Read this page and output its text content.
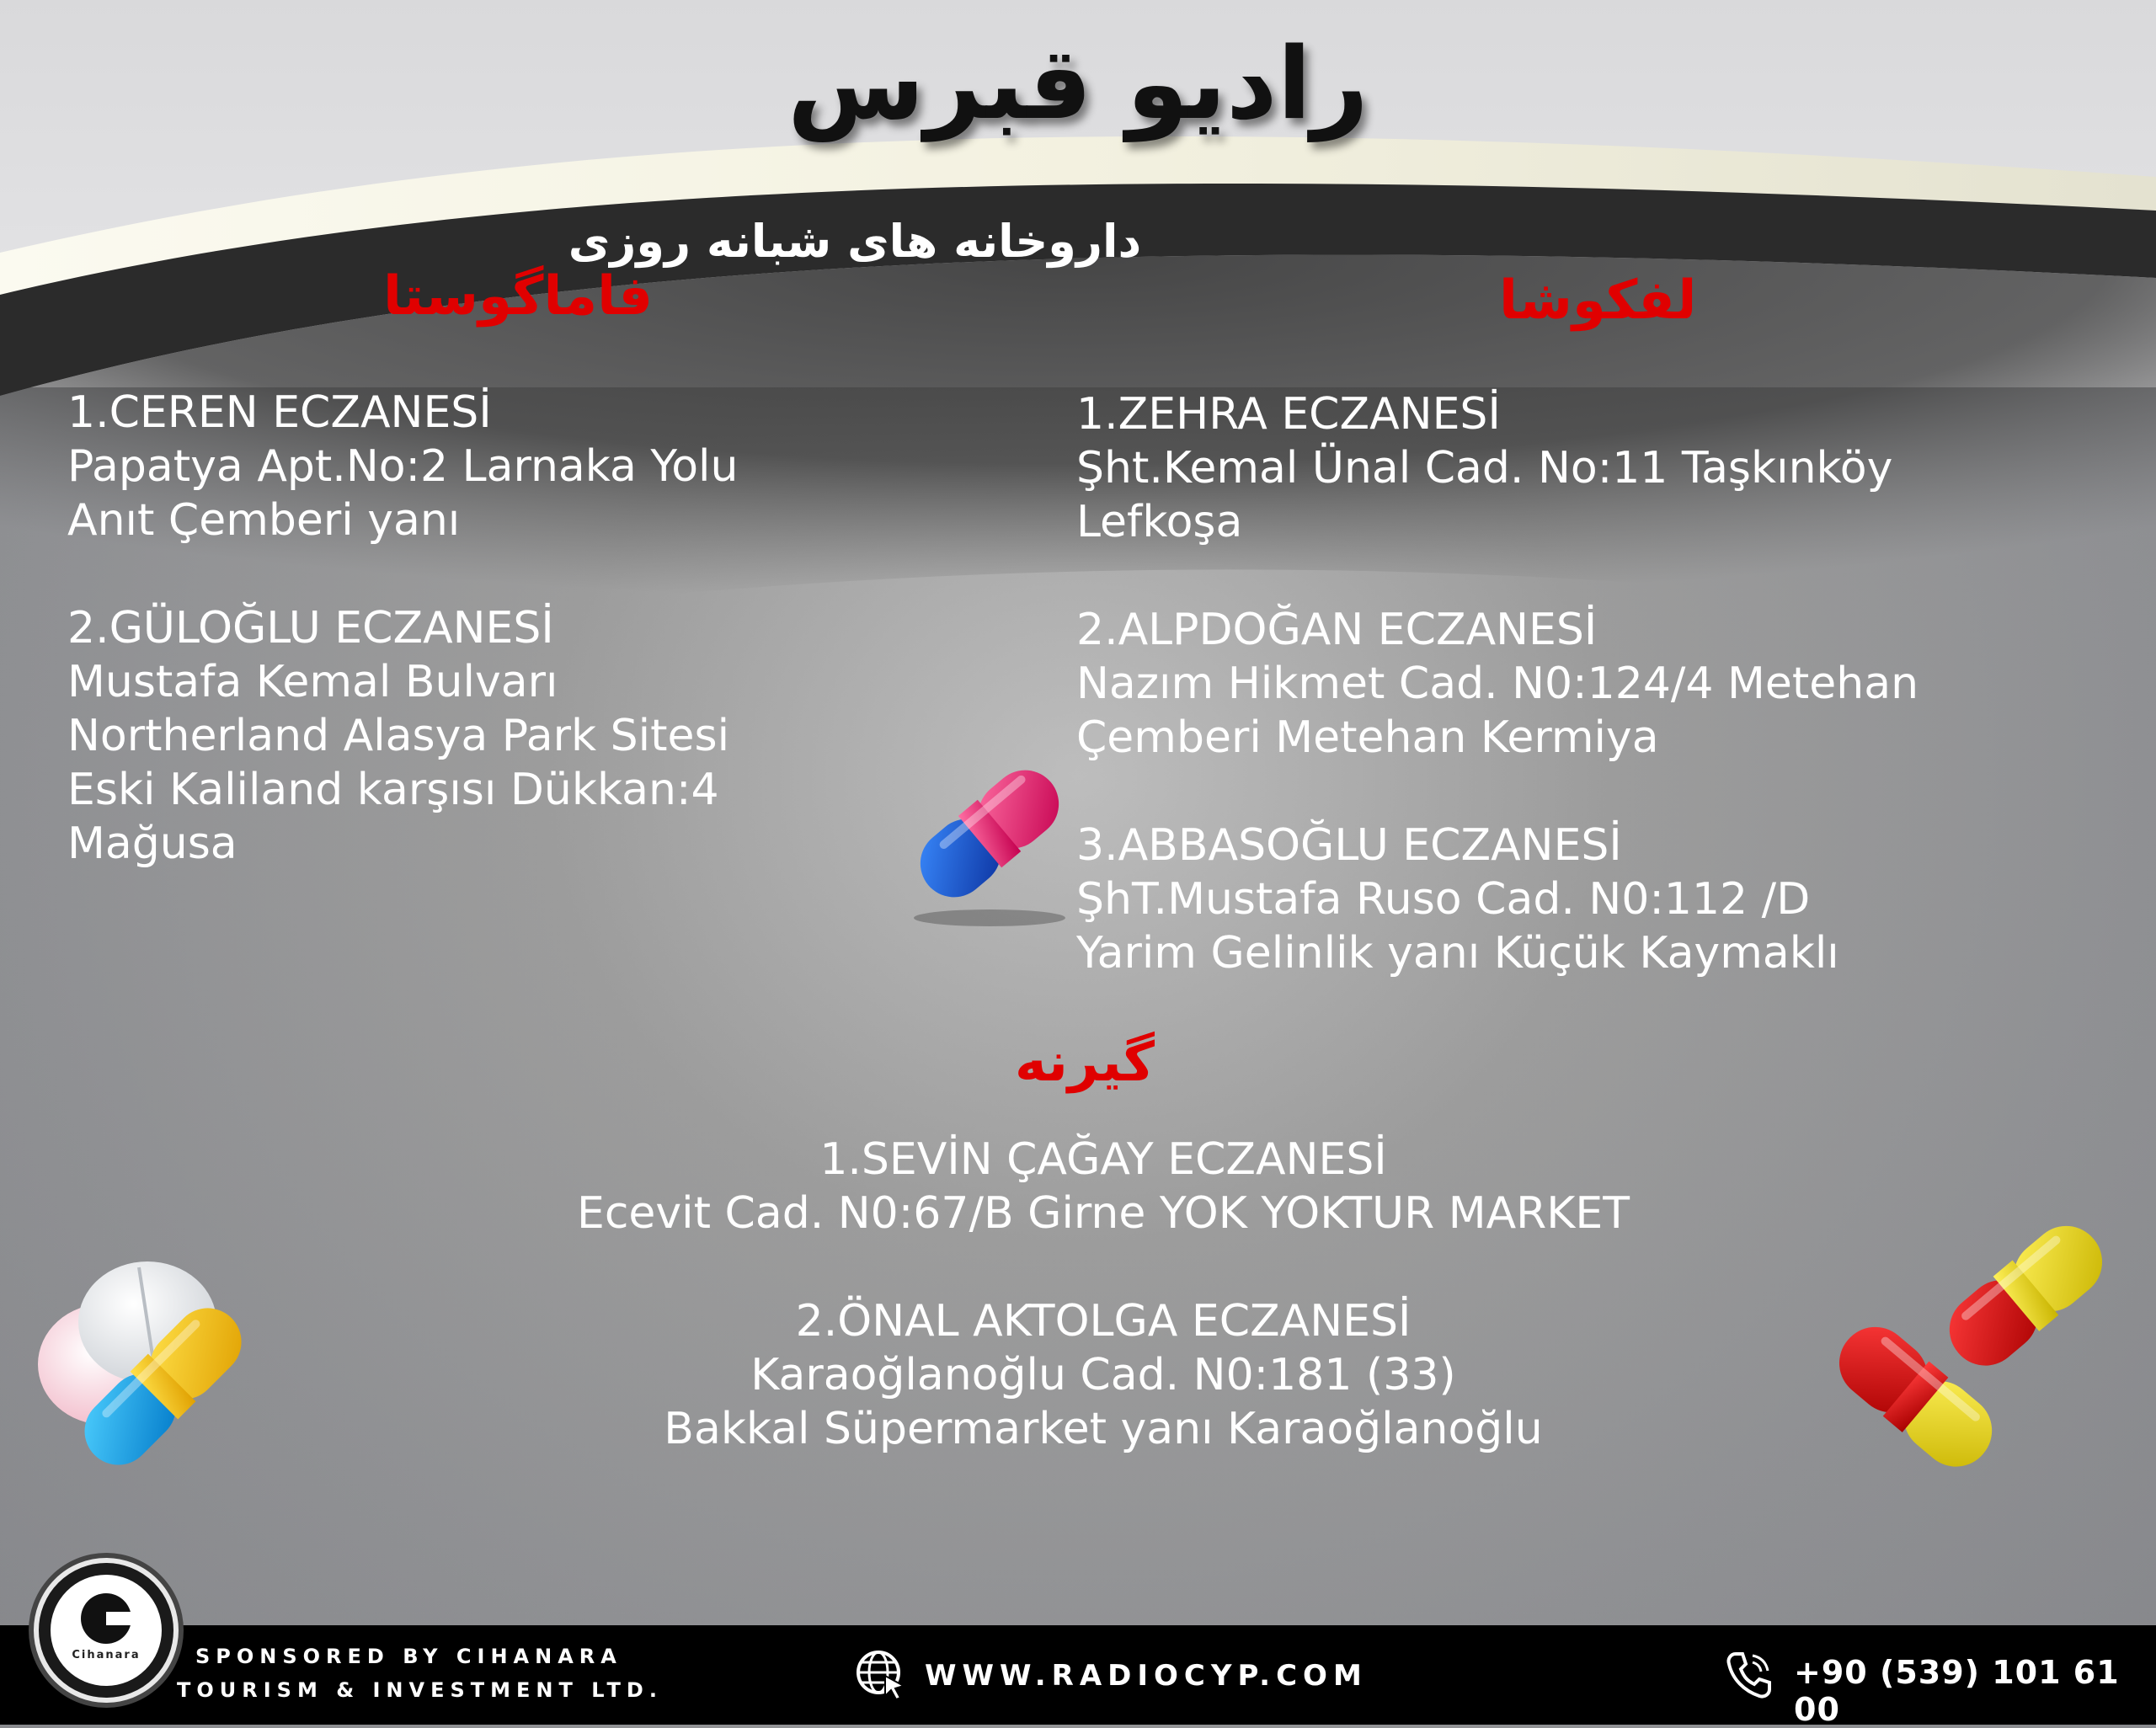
رادیو قبرس
داروخانه های شبانه روزی
فاماگوستا	لفکوشا
گیرنه
1.CEREN ECZANESİ
Papatya Apt.No:2 Larnaka Yolu
Anıt Çemberi yanı
2.GÜLOĞLU ECZANESİ
Mustafa Kemal Bulvarı
Northerland Alasya Park Sitesi
Eski Kaliland karşısı Dükkan:4
Mağusa
1.ZEHRA ECZANESİ
Şht.Kemal Ünal Cad. No:11 Taşkınköy
Lefkoşa
2.ALPDOĞAN ECZANESİ
Nazım Hikmet Cad. N0:124/4 Metehan
Çemberi Metehan Kermiya
3.ABBASOĞLU ECZANESİ
ŞhT.Mustafa Ruso Cad. N0:112 /D
Yarim Gelinlik yanı Küçük Kaymaklı
1.SEVİN ÇAĞAY ECZANESİ
Ecevit Cad. N0:67/B Girne YOK YOKTUR MARKET
2.ÖNAL AKTOLGA ECZANESİ
Karaoğlanoğlu Cad. N0:181 (33)
Bakkal Süpermarket yanı Karaoğlanoğlu
Cihanara	SPONSORED BY CIHANARA
TOURISM & INVESTMENT LTD.	WWW.RADIOCYP.COM	+90 (539) 101 61 00
